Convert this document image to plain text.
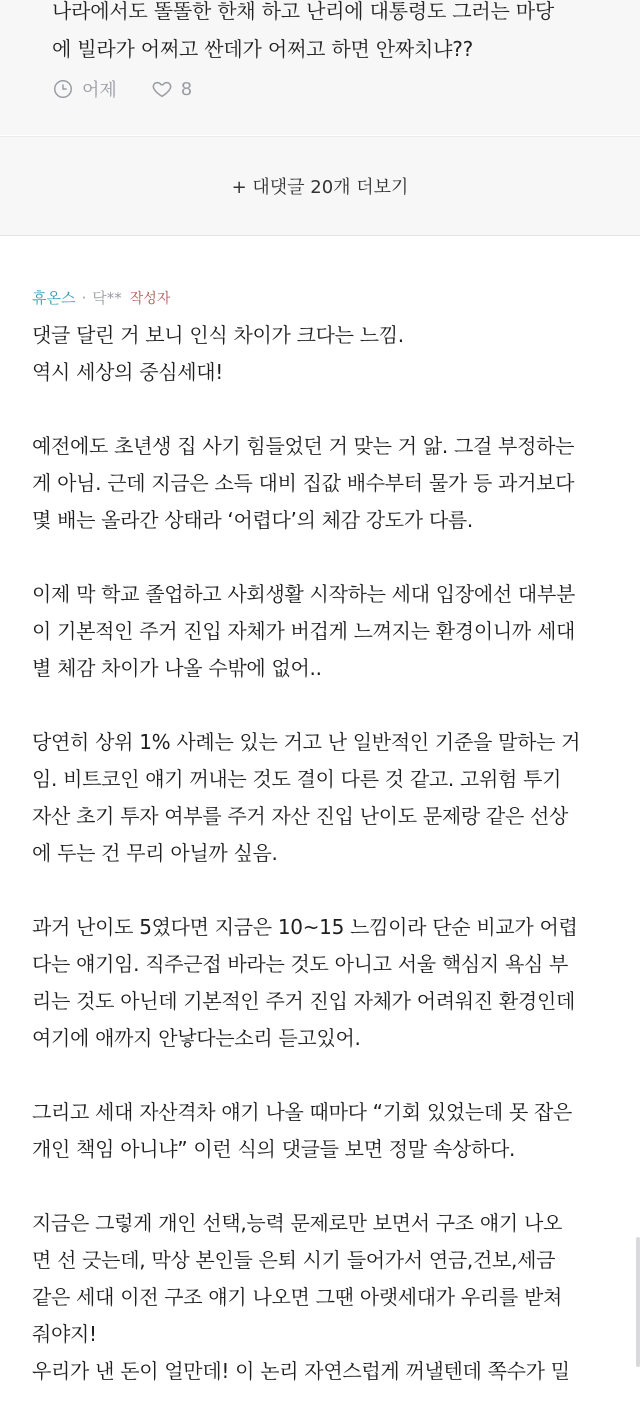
나라에서도 똘똘한 한채 하고 난리에 대통령도 그러는 마당
에 빌라가 어쩌고 싼데가 어쩌고 하면 안짜치냐??
어제	8
+ 대댓글 20개 더보기
휴온스 · 닥** 작성자

댓글 달린 거 보니 인식 차이가 크다는 느낌.
역시 세상의 중심세대!

예전에도 초년생 집 사기 힘들었던 거 맞는 거 앎. 그걸 부정하는
게 아님. 근데 지금은 소득 대비 집값 배수부터 물가 등 과거보다
몇 배는 올라간 상태라 ‘어렵다’의 체감 강도가 다름.

이제 막 학교 졸업하고 사회생활 시작하는 세대 입장에선 대부분
이 기본적인 주거 진입 자체가 버겁게 느껴지는 환경이니까 세대
별 체감 차이가 나올 수밖에 없어..

당연히 상위 1% 사례는 있는 거고 난 일반적인 기준을 말하는 거
임. 비트코인 얘기 꺼내는 것도 결이 다른 것 같고. 고위험 투기
자산 초기 투자 여부를 주거 자산 진입 난이도 문제랑 같은 선상
에 두는 건 무리 아닐까 싶음.

과거 난이도 5였다면 지금은 10~15 느낌이라 단순 비교가 어렵
다는 얘기임. 직주근접 바라는 것도 아니고 서울 핵심지 욕심 부
리는 것도 아닌데 기본적인 주거 진입 자체가 어려워진 환경인데
여기에 애까지 안낳다는소리 듣고있어.

그리고 세대 자산격차 얘기 나올 때마다 “기회 있었는데 못 잡은
개인 책임 아니냐” 이런 식의 댓글들 보면 정말 속상하다.

지금은 그렇게 개인 선택,능력 문제로만 보면서 구조 얘기 나오
면 선 긋는데, 막상 본인들 은퇴 시기 들어가서 연금,건보,세금
같은 세대 이전 구조 얘기 나오면 그땐 아랫세대가 우리를 받쳐
줘야지!
우리가 낸 돈이 얼만데! 이 논리 자연스럽게 꺼낼텐데 쪽수가 밀
